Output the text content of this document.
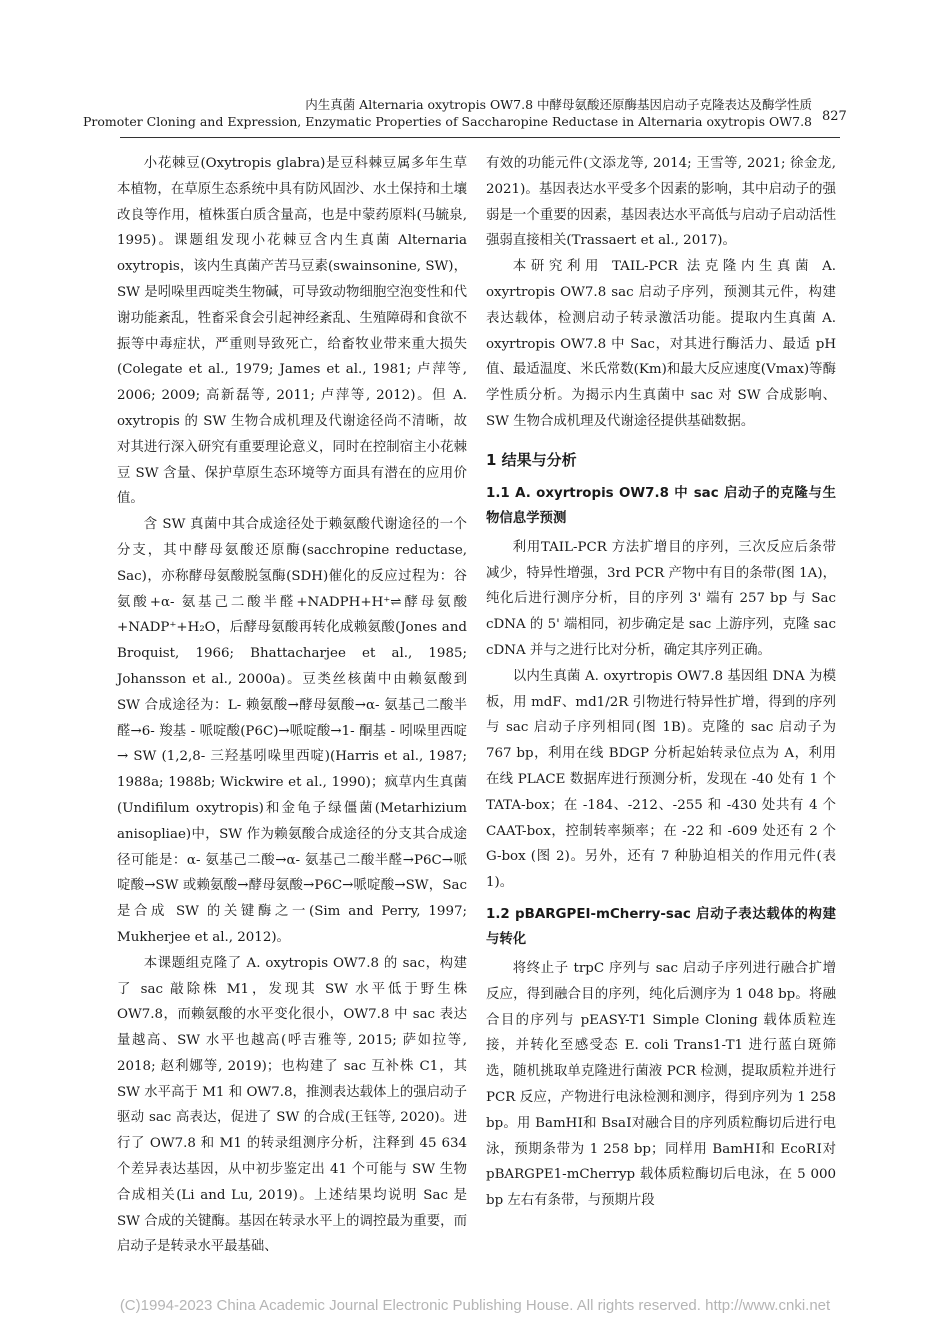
内生真菌 Alternaria oxytropis OW7.8 中酵母氨酸还原酶基因启动子克隆表达及酶学性质
Promoter Cloning and Expression, Enzymatic Properties of Saccharopine Reductase in Alternaria oxytropis OW7.8 827

小花棘豆(Oxytropis glabra)是豆科棘豆属多年生草本植物，在草原生态系统中具有防风固沙、水土保持和土壤改良等作用，植株蛋白质含量高，也是中蒙药原料(马毓泉, 1995)。课题组发现小花棘豆含内生真菌 Alternaria oxytropis，该内生真菌产苦马豆素(swainsonine, SW)，SW 是吲哚里西啶类生物碱，可导致动物细胞空泡变性和代谢功能紊乱，牲畜采食会引起神经紊乱、生殖障碍和食欲不振等中毒症状，严重则导致死亡，给畜牧业带来重大损失(Colegate et al., 1979; James et al., 1981; 卢萍等, 2006; 2009; 高新磊等, 2011; 卢萍等, 2012)。但 A. oxytropis 的 SW 生物合成机理及代谢途径尚不清晰，故对其进行深入研究有重要理论意义，同时在控制宿主小花棘豆 SW 含量、保护草原生态环境等方面具有潜在的应用价值。

含 SW 真菌中其合成途径处于赖氨酸代谢途径的一个分支，其中酵母氨酸还原酶(sacchropine reductase, Sac)，亦称酵母氨酸脱氢酶(SDH)催化的反应过程为：谷氨酸+α- 氨基己二酸半醛+NADPH+H⁺⇌酵母氨酸+NADP⁺+H₂O，后酵母氨酸再转化成赖氨酸(Jones and Broquist, 1966; Bhattacharjee et al., 1985; Johansson et al., 2000a)。豆类丝核菌中由赖氨酸到 SW 合成途径为：L- 赖氨酸→酵母氨酸→α- 氨基己二酸半醛→6- 羧基 - 哌啶酸(P6C)→哌啶酸→1- 酮基 - 吲哚里西啶→ SW (1,2,8- 三羟基吲哚里西啶)(Harris et al., 1987; 1988a; 1988b; Wickwire et al., 1990)；疯草内生真菌(Undifilum oxytropis)和金龟子绿僵菌(Metarhizium anisopliae)中，SW 作为赖氨酸合成途径的分支其合成途径可能是：α- 氨基己二酸→α- 氨基己二酸半醛→P6C→哌啶酸→SW 或赖氨酸→酵母氨酸→P6C→哌啶酸→SW，Sac 是合成 SW 的关键酶之一(Sim and Perry, 1997; Mukherjee et al., 2012)。

本课题组克隆了 A. oxytropis OW7.8 的 sac，构建了 sac 敲除株 M1，发现其 SW 水平低于野生株 OW7.8，而赖氨酸的水平变化很小，OW7.8 中 sac 表达量越高、SW 水平也越高(呼吉雅等, 2015; 萨如拉等, 2018; 赵利娜等, 2019)；也构建了 sac 互补株 C1，其 SW 水平高于 M1 和 OW7.8，推测表达载体上的强启动子驱动 sac 高表达，促进了 SW 的合成(王钰等, 2020)。进行了 OW7.8 和 M1 的转录组测序分析，注释到 45 634 个差异表达基因，从中初步鉴定出 41 个可能与 SW 生物合成相关(Li and Lu, 2019)。上述结果均说明 Sac 是 SW 合成的关键酶。基因在转录水平上的调控最为重要，而启动子是转录水平最基础、

有效的功能元件(文添龙等, 2014; 王雪等, 2021; 徐金龙, 2021)。基因表达水平受多个因素的影响，其中启动子的强弱是一个重要的因素，基因表达水平高低与启动子启动活性强弱直接相关(Trassaert et al., 2017)。

本研究利用 TAIL-PCR 法克隆内生真菌 A. oxyrtropis OW7.8 sac 启动子序列，预测其元件，构建表达载体，检测启动子转录激活功能。提取内生真菌 A. oxyrtropis OW7.8 中 Sac，对其进行酶活力、最适 pH 值、最适温度、米氏常数(Km)和最大反应速度(Vmax)等酶学性质分析。为揭示内生真菌中 sac 对 SW 合成影响、SW 生物合成机理及代谢途径提供基础数据。

1 结果与分析
1.1 A. oxyrtropis OW7.8 中 sac 启动子的克隆与生物信息学预测

利用TAIL-PCR 方法扩增目的序列，三次反应后条带减少，特异性增强，3rd PCR 产物中有目的条带(图 1A)，纯化后进行测序分析，目的序列 3' 端有 257 bp 与 Sac cDNA 的 5' 端相同，初步确定是 sac 上游序列，克隆 sac cDNA 并与之进行比对分析，确定其序列正确。

以内生真菌 A. oxyrtropis OW7.8 基因组 DNA 为模板，用 mdF、md1/2R 引物进行特异性扩增，得到的序列与 sac 启动子序列相同(图 1B)。克隆的 sac 启动子为 767 bp，利用在线 BDGP 分析起始转录位点为 A，利用在线 PLACE 数据库进行预测分析，发现在 -40 处有 1 个 TATA-box；在 -184、-212、-255 和 -430 处共有 4 个 CAAT-box，控制转率频率；在 -22 和 -609 处还有 2 个 G-box (图 2)。另外，还有 7 种胁迫相关的作用元件(表 1)。

1.2 pBARGPEI-mCherry-sac 启动子表达载体的构建与转化

将终止子 trpC 序列与 sac 启动子序列进行融合扩增反应，得到融合目的序列，纯化后测序为 1 048 bp。将融合目的序列与 pEASY-T1 Simple Cloning 载体质粒连接，并转化至感受态 E. coli Trans1-T1 进行蓝白斑筛选，随机挑取单克隆进行菌液 PCR 检测，提取质粒并进行 PCR 反应，产物进行电泳检测和测序，得到序列为 1 258 bp。用 BamHⅠ和 BsaⅠ对融合目的序列质粒酶切后进行电泳，预期条带为 1 258 bp；同样用 BamHⅠ和 EcoRⅠ对 pBARGPE1-mCherryp 载体质粒酶切后电泳，在 5 000 bp 左右有条带，与预期片段

(C)1994-2023 China Academic Journal Electronic Publishing House. All rights reserved. http://www.cnki.net
